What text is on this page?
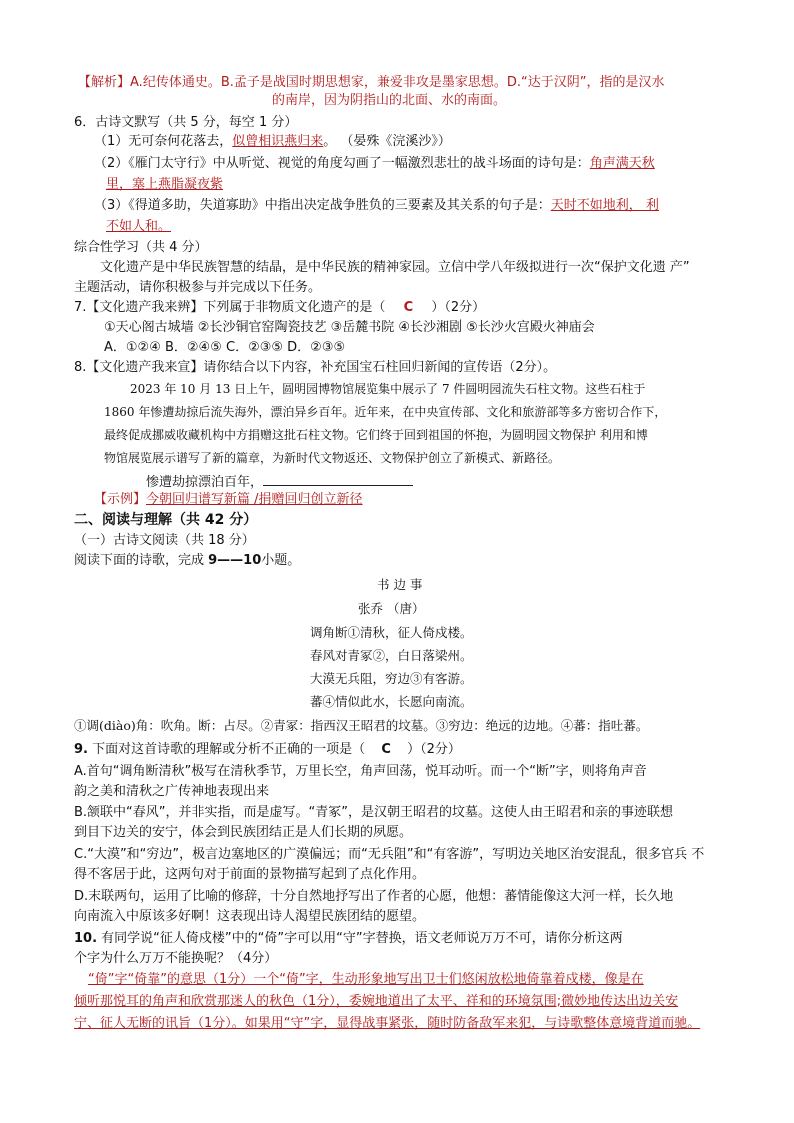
【解析】A.纪传体通史。B.孟子是战国时期思想家，兼爱非攻是墨家思想。D.“达于汉阴”，指的是汉水
的南岸，因为阴指山的北面、水的南面。
6．古诗文默写（共 5 分，每空 1 分）
（1）无可奈何花落去，似曾相识燕归来。 （晏殊《浣溪沙》）
（2）《雁门太守行》中从听觉、视觉的角度勾画了一幅激烈悲壮的战斗场面的诗句是：角声满天秋
里，塞上燕脂凝夜紫
（3）《得道多助，失道寡助》中指出决定战争胜负的三要素及其关系的句子是：天时不如地利， 利
不如人和。
综合性学习（共 4 分）
文化遗产是中华民族智慧的结晶，是中华民族的精神家园。立信中学八年级拟进行一次“保护文化遗 产”
主题活动，请你积极参与并完成以下任务。
7.【文化遗产我来辨】下列属于非物质文化遗产的是（ C ）（2分）
①天心阁古城墙 ②长沙铜官窑陶瓷技艺 ③岳麓书院 ④长沙湘剧 ⑤长沙火宫殿火神庙会
A．①②④ B．②④⑤ C．②③⑤ D．②③⑤
8.【文化遗产我来宣】请你结合以下内容，补充国宝石柱回归新闻的宣传语（2分）。
2023 年 10 月 13 日上午，圆明园博物馆展览集中展示了 7 件圆明园流失石柱文物。这些石柱于
1860 年惨遭劫掠后流失海外，漂泊异乡百年。近年来，在中央宣传部、文化和旅游部等多方密切合作下，
最终促成挪威收藏机构中方捐赠这批石柱文物。它们终于回到祖国的怀抱，为圆明园文物保护 利用和博
物馆展览展示谱写了新的篇章，为新时代文物返还、文物保护创立了新模式、新路径。
惨遭劫掠漂泊百年，
【示例】今朝回归谱写新篇 /捐赠回归创立新径
二、阅读与理解（共 42 分）
（一）古诗文阅读（共 18 分）
阅读下面的诗歌，完成 9——10小题。
书 边 事
张乔 （唐）
调角断①清秋，征人倚戍楼。
春风对青冢②，白日落梁州。
大漠无兵阻，穷边③有客游。
蕃④情似此水，长愿向南流。
①调(diào)角：吹角。断：占尽。②青冢：指西汉王昭君的坟墓。③穷边：绝远的边地。④蕃：指吐蕃。
9. 下面对这首诗歌的理解或分析不正确的一项是（ C ）（2分）
A.首句“调角断清秋”极写在清秋季节，万里长空，角声回荡，悦耳动听。而一个“断”字，则将角声音
韵之美和清秋之广传神地表现出来
B.颔联中“春风”，并非实指，而是虚写。“青冢”，是汉朝王昭君的坟墓。这使人由王昭君和亲的事迹联想
到目下边关的安宁，体会到民族团结正是人们长期的夙愿。
C.“大漠”和“穷边”，极言边塞地区的广漠偏远；而“无兵阻”和“有客游”，写明边关地区治安混乱，很多官兵 不
得不客居于此，这两句对于前面的景物描写起到了点化作用。
D.末联两句，运用了比喻的修辞，十分自然地抒写出了作者的心愿，他想：蕃情能像这大河一样，长久地
向南流入中原该多好啊！这表现出诗人渴望民族团结的愿望。
10. 有同学说“征人倚戍楼”中的“倚”字可以用“守”字替换，语文老师说万万不可，请你分析这两
个字为什么万万不能换呢？（4分）
“倚”字“倚靠”的意思（1分）一个“倚”字，生动形象地写出卫士们悠闲放松地倚靠着戍楼，像是在
倾听那悦耳的角声和欣赏那迷人的秋色（1分），委婉地道出了太平、祥和的环境氛围;微妙地传达出边关安
宁、征人无断的讯旨（1分）。如果用“守”字，显得战事紧张，随时防备敌军来犯，与诗歌整体意境背道而驰。
